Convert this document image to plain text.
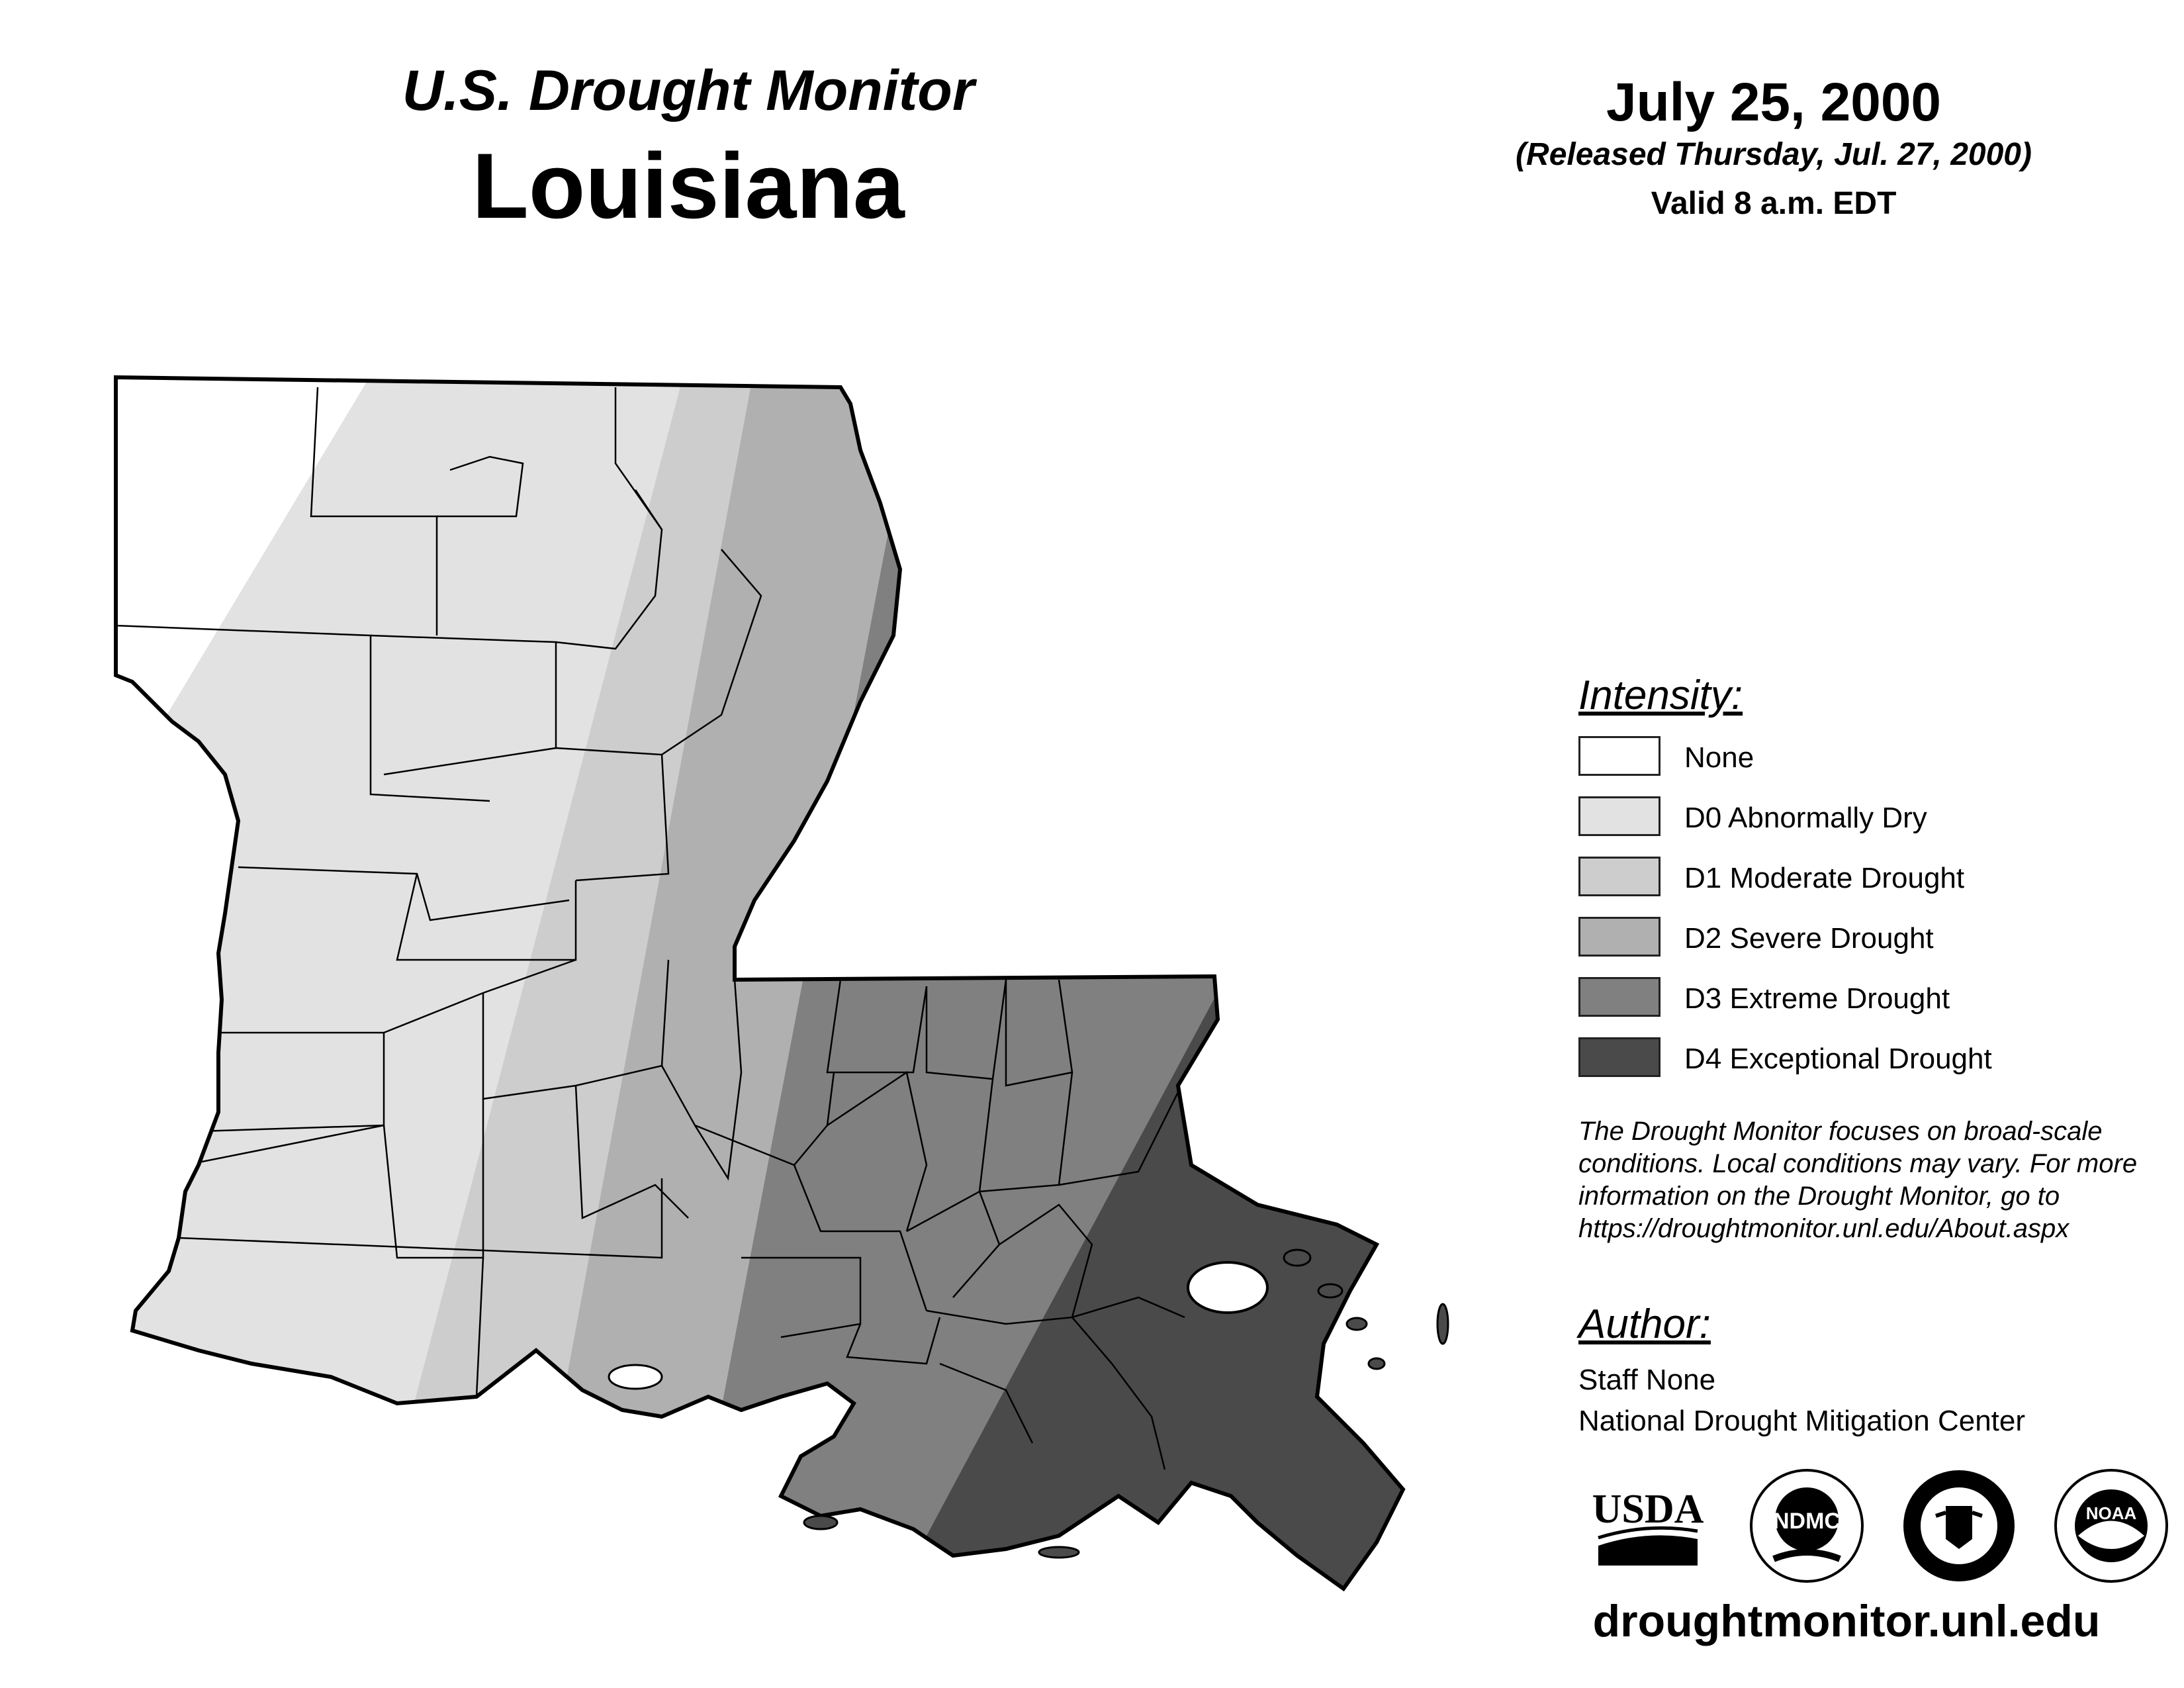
U.S. Drought Monitor
Louisiana
July 25, 2000
(Released Thursday, Jul. 27, 2000)
Valid 8 a.m. EDT
Intensity:
None
D0 Abnormally Dry
D1 Moderate Drought
D2 Severe Drought
D3 Extreme Drought
D4 Exceptional Drought
The Drought Monitor focuses on broad-scale
conditions. Local conditions may vary. For more
information on the Drought Monitor, go to
https://droughtmonitor.unl.edu/About.aspx
Author:
Staff None
National Drought Mitigation Center
USDA	NDMC	NOAA
droughtmonitor.unl.edu
